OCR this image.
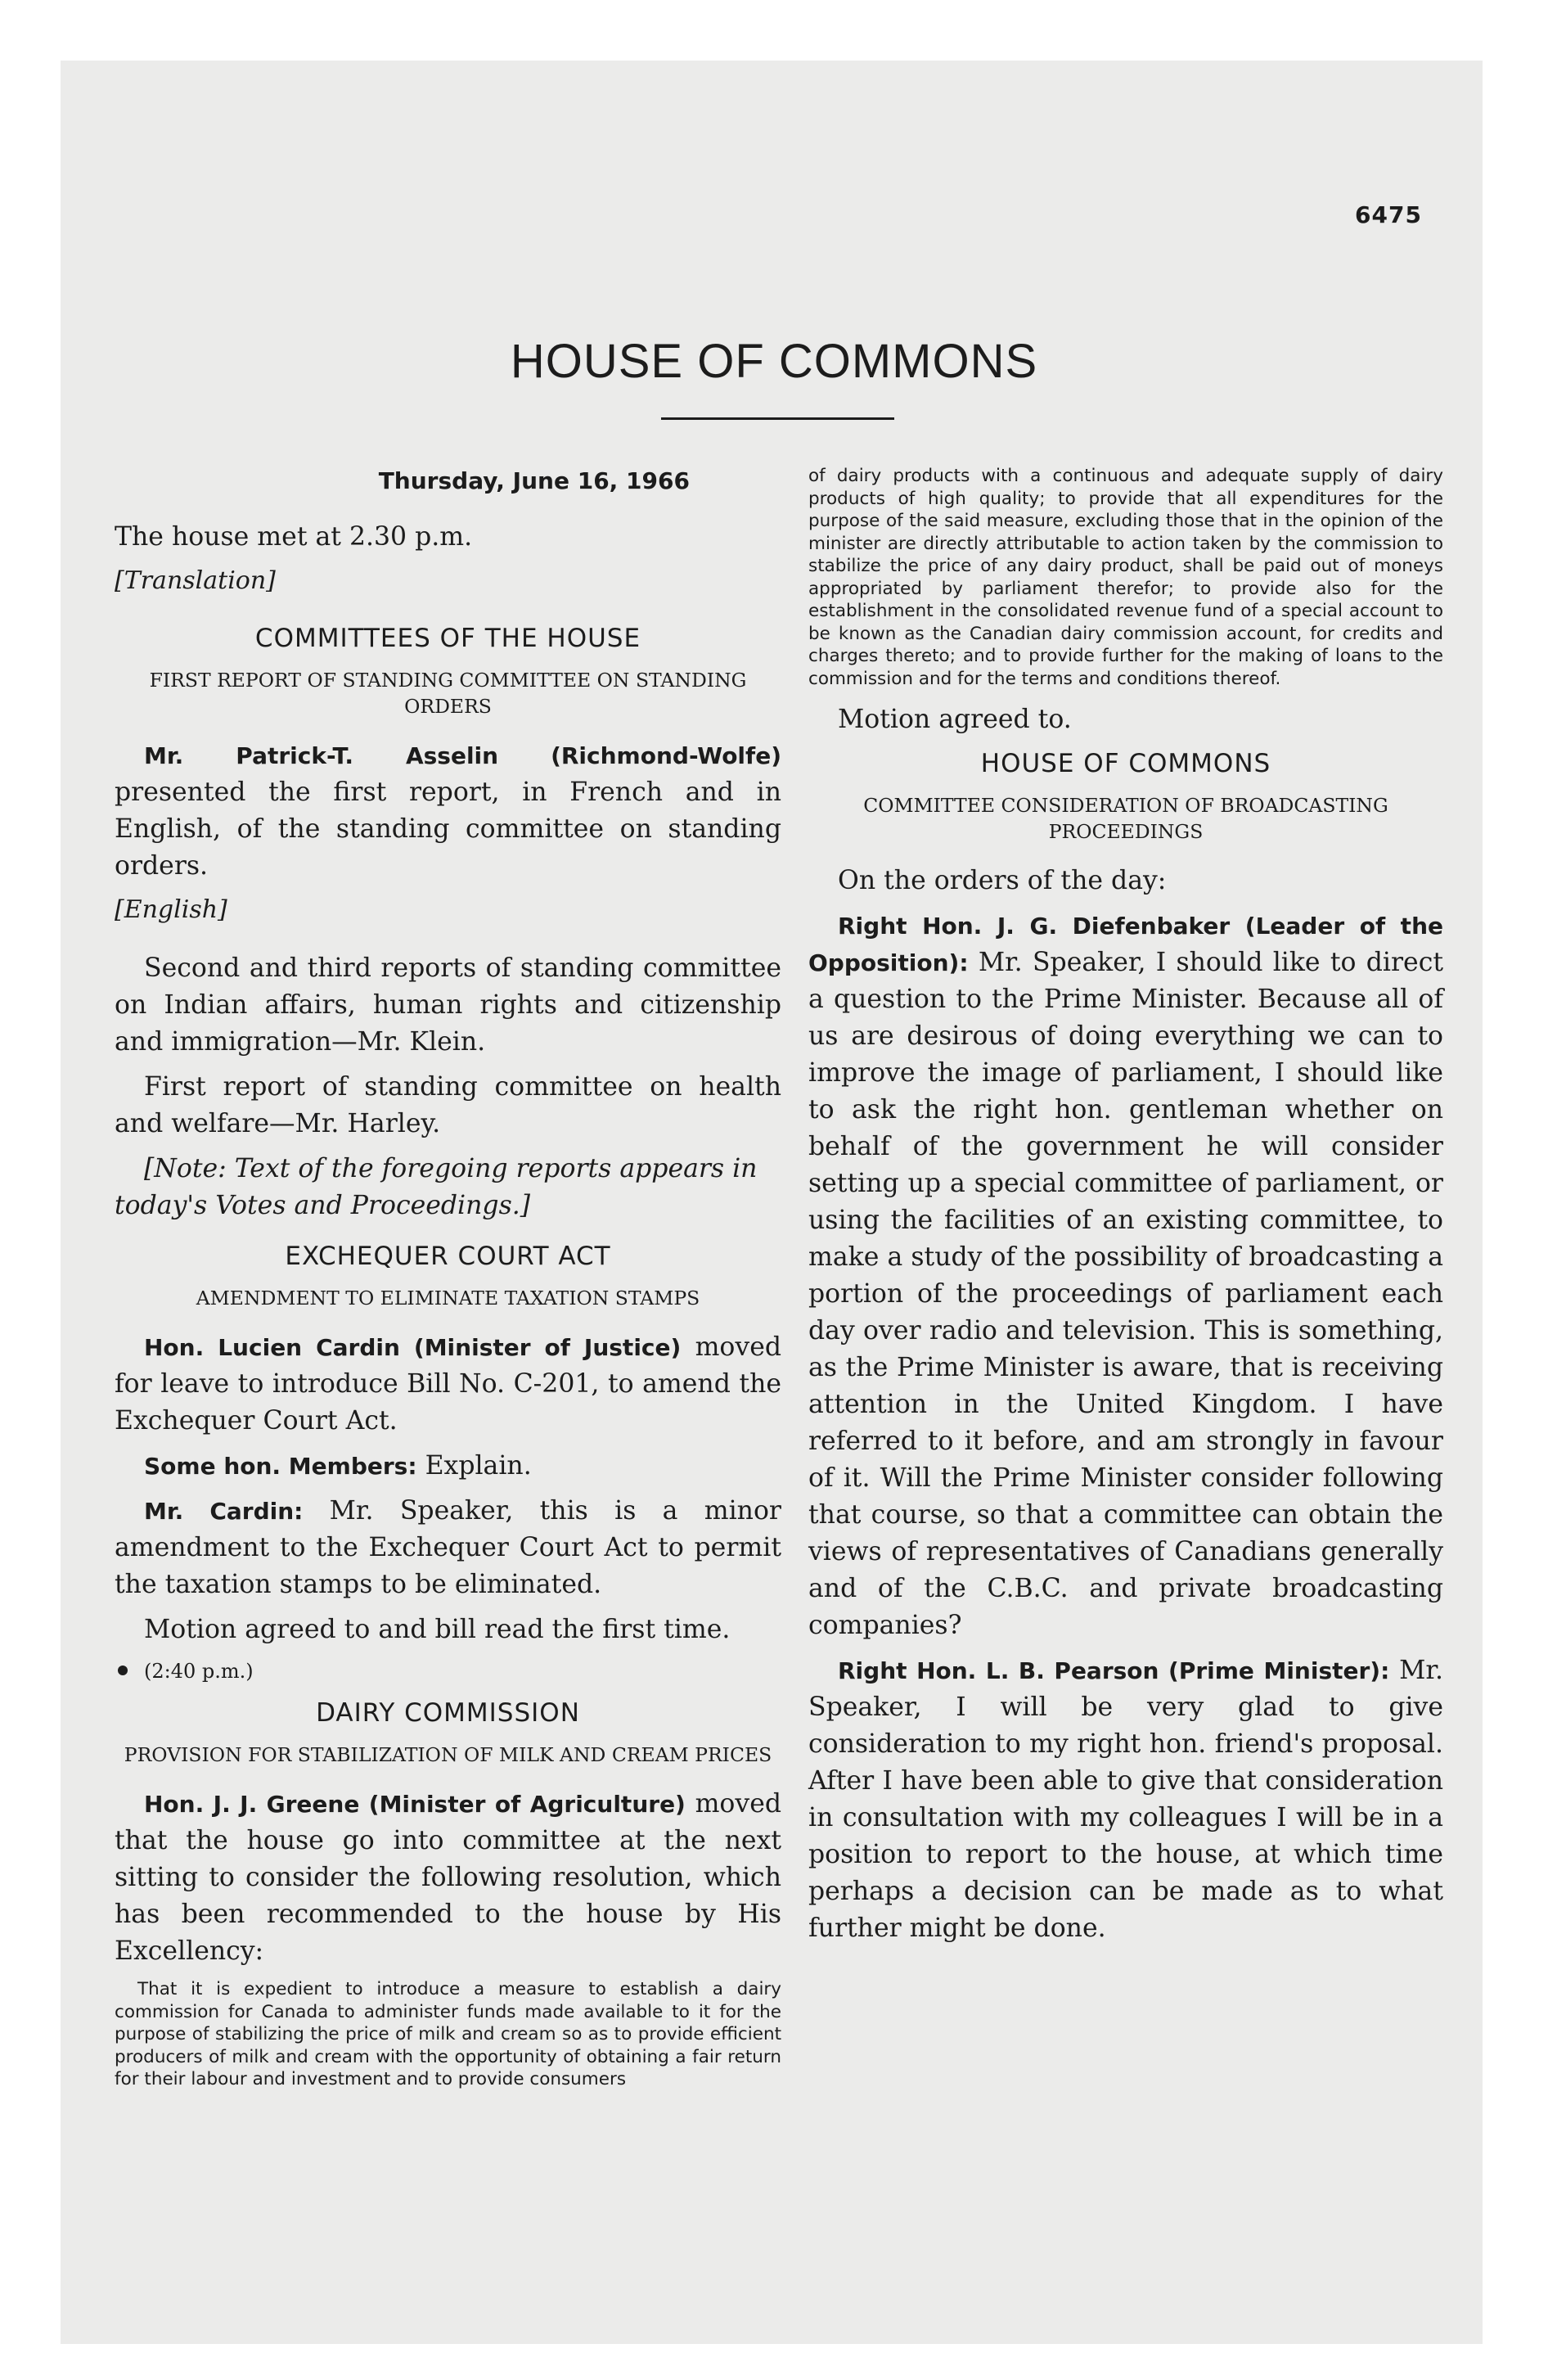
6475
HOUSE OF COMMONS

Thursday, June 16, 1966

The house met at 2.30 p.m.

[Translation]

COMMITTEES OF THE HOUSE

FIRST REPORT OF STANDING COMMITTEE ON STANDING ORDERS

Mr. Patrick-T. Asselin (Richmond-Wolfe) presented the first report, in French and in English, of the standing committee on standing orders.

[English]

Second and third reports of standing committee on Indian affairs, human rights and citizenship and immigration—Mr. Klein.

First report of standing committee on health and welfare—Mr. Harley.

[Note: Text of the foregoing reports appears in today's Votes and Proceedings.]

EXCHEQUER COURT ACT

AMENDMENT TO ELIMINATE TAXATION STAMPS

Hon. Lucien Cardin (Minister of Justice) moved for leave to introduce Bill No. C-201, to amend the Exchequer Court Act.

Some hon. Members: Explain.

Mr. Cardin: Mr. Speaker, this is a minor amendment to the Exchequer Court Act to permit the taxation stamps to be eliminated.

Motion agreed to and bill read the first time.

(2:40 p.m.)

DAIRY COMMISSION

PROVISION FOR STABILIZATION OF MILK AND CREAM PRICES

Hon. J. J. Greene (Minister of Agriculture) moved that the house go into committee at the next sitting to consider the following resolution, which has been recommended to the house by His Excellency:

That it is expedient to introduce a measure to establish a dairy commission for Canada to administer funds made available to it for the purpose of stabilizing the price of milk and cream so as to provide efficient producers of milk and cream with the opportunity of obtaining a fair return for their labour and investment and to provide consumers

of dairy products with a continuous and adequate supply of dairy products of high quality; to provide that all expenditures for the purpose of the said measure, excluding those that in the opinion of the minister are directly attributable to action taken by the commission to stabilize the price of any dairy product, shall be paid out of moneys appropriated by parliament therefor; to provide also for the establishment in the consolidated revenue fund of a special account to be known as the Canadian dairy commission account, for credits and charges thereto; and to provide further for the making of loans to the commission and for the terms and conditions thereof.

Motion agreed to.

HOUSE OF COMMONS

COMMITTEE CONSIDERATION OF BROADCASTING PROCEEDINGS

On the orders of the day:

Right Hon. J. G. Diefenbaker (Leader of the Opposition): Mr. Speaker, I should like to direct a question to the Prime Minister. Because all of us are desirous of doing everything we can to improve the image of parliament, I should like to ask the right hon. gentleman whether on behalf of the government he will consider setting up a special committee of parliament, or using the facilities of an existing committee, to make a study of the possibility of broadcasting a portion of the proceedings of parliament each day over radio and television. This is something, as the Prime Minister is aware, that is receiving attention in the United Kingdom. I have referred to it before, and am strongly in favour of it. Will the Prime Minister consider following that course, so that a committee can obtain the views of representatives of Canadians generally and of the C.B.C. and private broadcasting companies?

Right Hon. L. B. Pearson (Prime Minister): Mr. Speaker, I will be very glad to give consideration to my right hon. friend's proposal. After I have been able to give that consideration in consultation with my colleagues I will be in a position to report to the house, at which time perhaps a decision can be made as to what further might be done.
